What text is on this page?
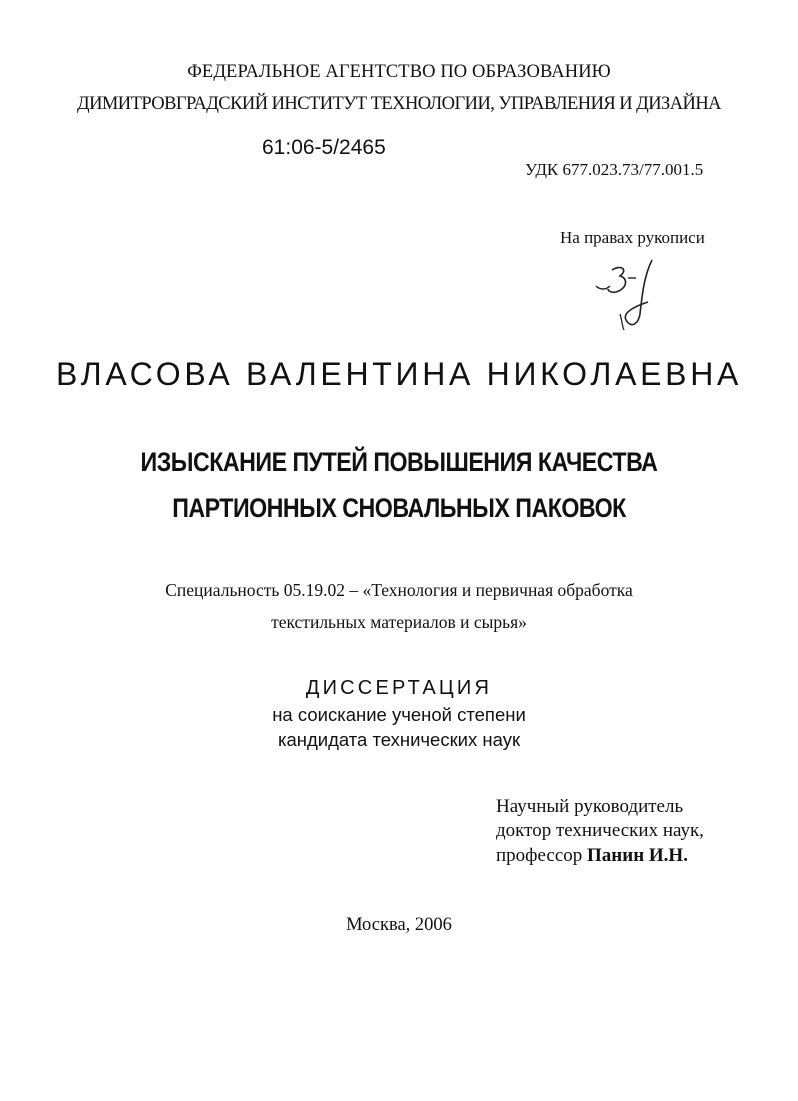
ФЕДЕРАЛЬНОЕ АГЕНТСТВО ПО ОБРАЗОВАНИЮ
ДИМИТРОВГРАДСКИЙ ИНСТИТУТ ТЕХНОЛОГИИ, УПРАВЛЕНИЯ И ДИЗАЙНА
61:06-5/2465
УДК 677.023.73/77.001.5
На правах рукописи
ВЛАСОВА ВАЛЕНТИНА НИКОЛАЕВНА
ИЗЫСКАНИЕ ПУТЕЙ ПОВЫШЕНИЯ КАЧЕСТВА
ПАРТИОННЫХ СНОВАЛЬНЫХ ПАКОВОК
Специальность 05.19.02 – «Технология и первичная обработка
текстильных материалов и сырья»
ДИССЕРТАЦИЯ
на соискание ученой степени
кандидата технических наук
Научный руководитель
доктор технических наук,
профессор Панин И.Н.
Москва, 2006
